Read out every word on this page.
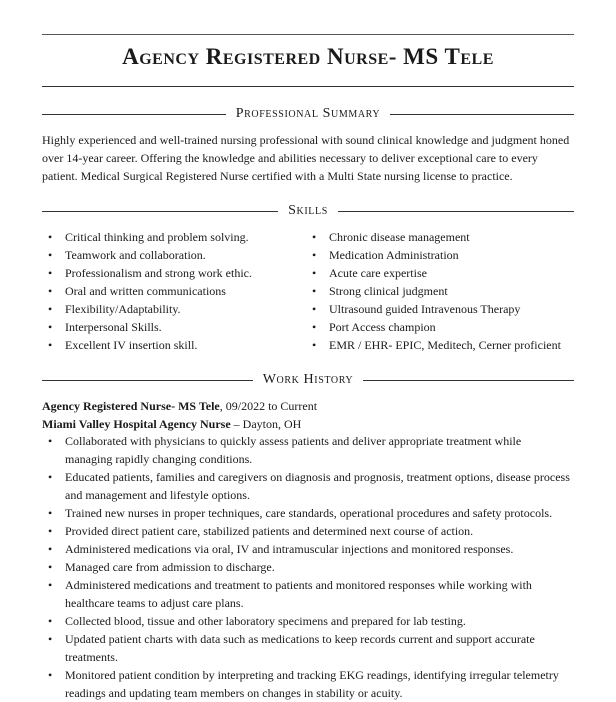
Agency Registered Nurse- MS Tele
Professional Summary
Highly experienced and well-trained nursing professional with sound clinical knowledge and judgment honed
over 14-year career. Offering the knowledge and abilities necessary to deliver exceptional care to every
patient. Medical Surgical Registered Nurse certified with a Multi State nursing license to practice.
Skills
• Critical thinking and problem solving.
• Teamwork and collaboration.
• Professionalism and strong work ethic.
• Oral and written communications
• Flexibility/Adaptability.
• Interpersonal Skills.
• Excellent IV insertion skill.
• Chronic disease management
• Medication Administration
• Acute care expertise
• Strong clinical judgment
• Ultrasound guided Intravenous Therapy
• Port Access champion
• EMR / EHR- EPIC, Meditech, Cerner proficient
Work History
Agency Registered Nurse- MS Tele, 09/2022 to Current
Miami Valley Hospital Agency Nurse – Dayton, OH
• Collaborated with physicians to quickly assess patients and deliver appropriate treatment while
managing rapidly changing conditions.
• Educated patients, families and caregivers on diagnosis and prognosis, treatment options, disease process
and management and lifestyle options.
• Trained new nurses in proper techniques, care standards, operational procedures and safety protocols.
• Provided direct patient care, stabilized patients and determined next course of action.
• Administered medications via oral, IV and intramuscular injections and monitored responses.
• Managed care from admission to discharge.
• Administered medications and treatment to patients and monitored responses while working with
healthcare teams to adjust care plans.
• Collected blood, tissue and other laboratory specimens and prepared for lab testing.
• Updated patient charts with data such as medications to keep records current and support accurate
treatments.
• Monitored patient condition by interpreting and tracking EKG readings, identifying irregular telemetry
readings and updating team members on changes in stability or acuity.
